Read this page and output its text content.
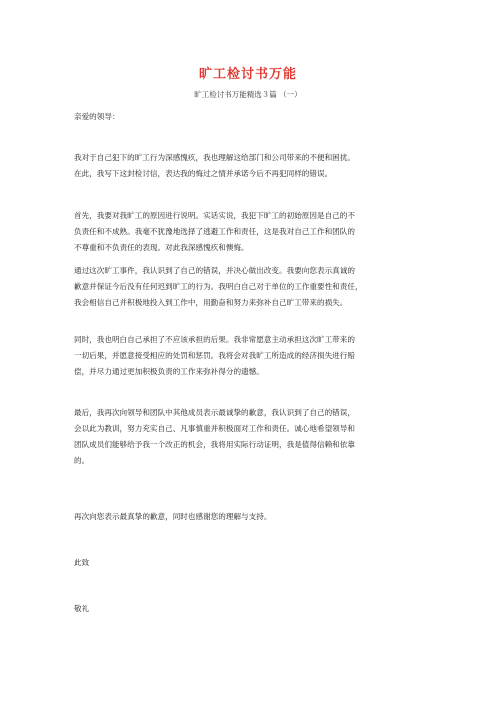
旷工检讨书万能
旷工检讨书万能精选３篇 （一）
亲爱的领导：
我对于自己犯下的旷工行为深感愧疚，我也理解这给部门和公司带来的不便和困扰。
在此，我写下这封检讨信，表达我的悔过之情并承诺今后不再犯同样的错误。
首先，我要对我旷工的原因进行说明。实话实说，我犯下旷工的初始原因是自己的不
负责任和不成熟。我毫不犹豫地选择了逃避工作和责任，这是我对自己工作和团队的
不尊重和不负责任的表现。对此我深感愧疚和懊悔。
通过这次旷工事件，我认识到了自己的错误，并决心做出改变。我要向您表示真诚的
歉意并保证今后没有任何迟到旷工的行为。我明白自己对于单位的工作重要性和责任，
我会相信自己并积极地投入到工作中，用勤奋和努力来弥补自己旷工带来的损失。
同时，我也明白自己承担了不应该承担的后果。我非常愿意主动承担这次旷工带来的
一切后果，并愿意接受相应的处罚和惩罚。我将会对我旷工所造成的经济损失进行赔
偿，并尽力通过更加积极负责的工作来弥补得分的遗憾。
最后，我再次向领导和团队中其他成员表示最诚挚的歉意，我认识到了自己的错误，
会以此为教训，努力充实自己、凡事慎重并积极面对工作和责任。诚心地希望领导和
团队成员们能够给予我一个改正的机会，我将用实际行动证明，我是值得信赖和依靠
的。
再次向您表示最真挚的歉意，同时也感谢您的理解与支持。
此致
敬礼
